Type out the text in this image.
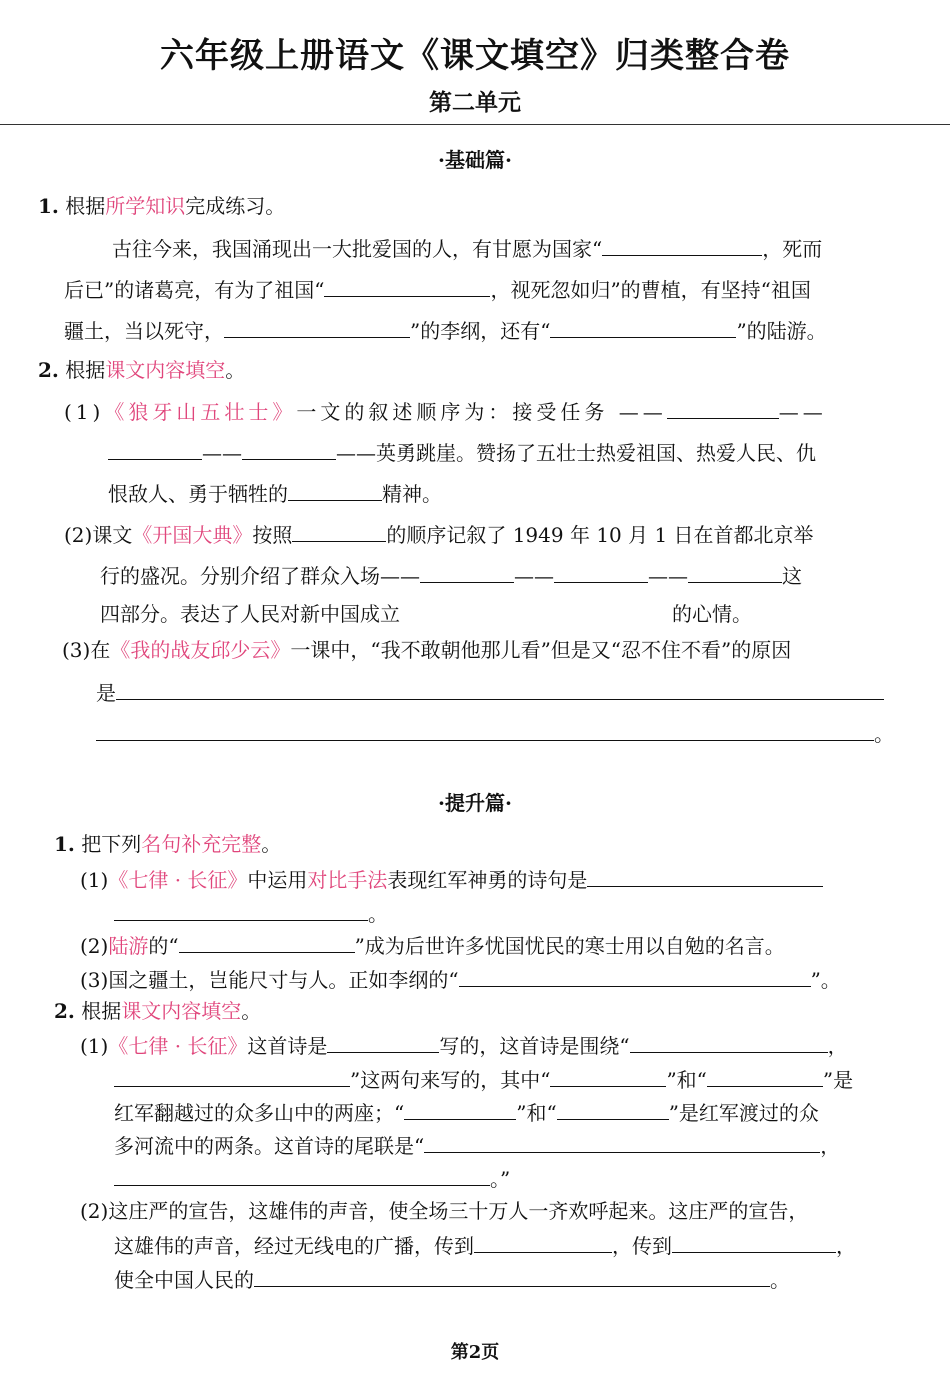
六年级上册语文《课文填空》归类整合卷
第二单元
·基础篇·
1. 根据所学知识完成练习。
古往今来，我国涌现出一大批爱国的人，有甘愿为国家“	，死而
后已”的诸葛亮，有为了祖国“	，视死忽如归”的曹植，有坚持“祖国
疆土，当以死守，	”的李纲，还有“	”的陆游。
2. 根据课文内容填空。
(1)《狼牙山五壮士》一文的叙述顺序为：接受任务 ——	——
——	——英勇跳崖。赞扬了五壮士热爱祖国、热爱人民、仇
恨敌人、勇于牺牲的	精神。
(2)课文《开国大典》按照	的顺序记叙了 1949 年 10 月 1 日在首都北京举
行的盛况。分别介绍了群众入场——	——	——	这
四部分。表达了人民对新中国成立	的心情。
(3)在《我的战友邱少云》一课中，“我不敢朝他那儿看”但是又“忍不住不看”的原因
是
。
·提升篇·
1. 把下列名句补充完整。
(1)《七律 · 长征》中运用对比手法表现红军神勇的诗句是
。
(2)陆游的“	”成为后世许多忧国忧民的寒士用以自勉的名言。
(3)国之疆土，岂能尺寸与人。正如李纲的“	”。
2. 根据课文内容填空。
(1)《七律 · 长征》这首诗是	写的，这首诗是围绕“	，
”这两句来写的，其中“	”和“	”是
红军翻越过的众多山中的两座；“	”和“	”是红军渡过的众
多河流中的两条。这首诗的尾联是“	，
。”
(2)这庄严的宣告，这雄伟的声音，使全场三十万人一齐欢呼起来。这庄严的宣告，
这雄伟的声音，经过无线电的广播，传到	，传到	，
使全中国人民的	。
第2页
